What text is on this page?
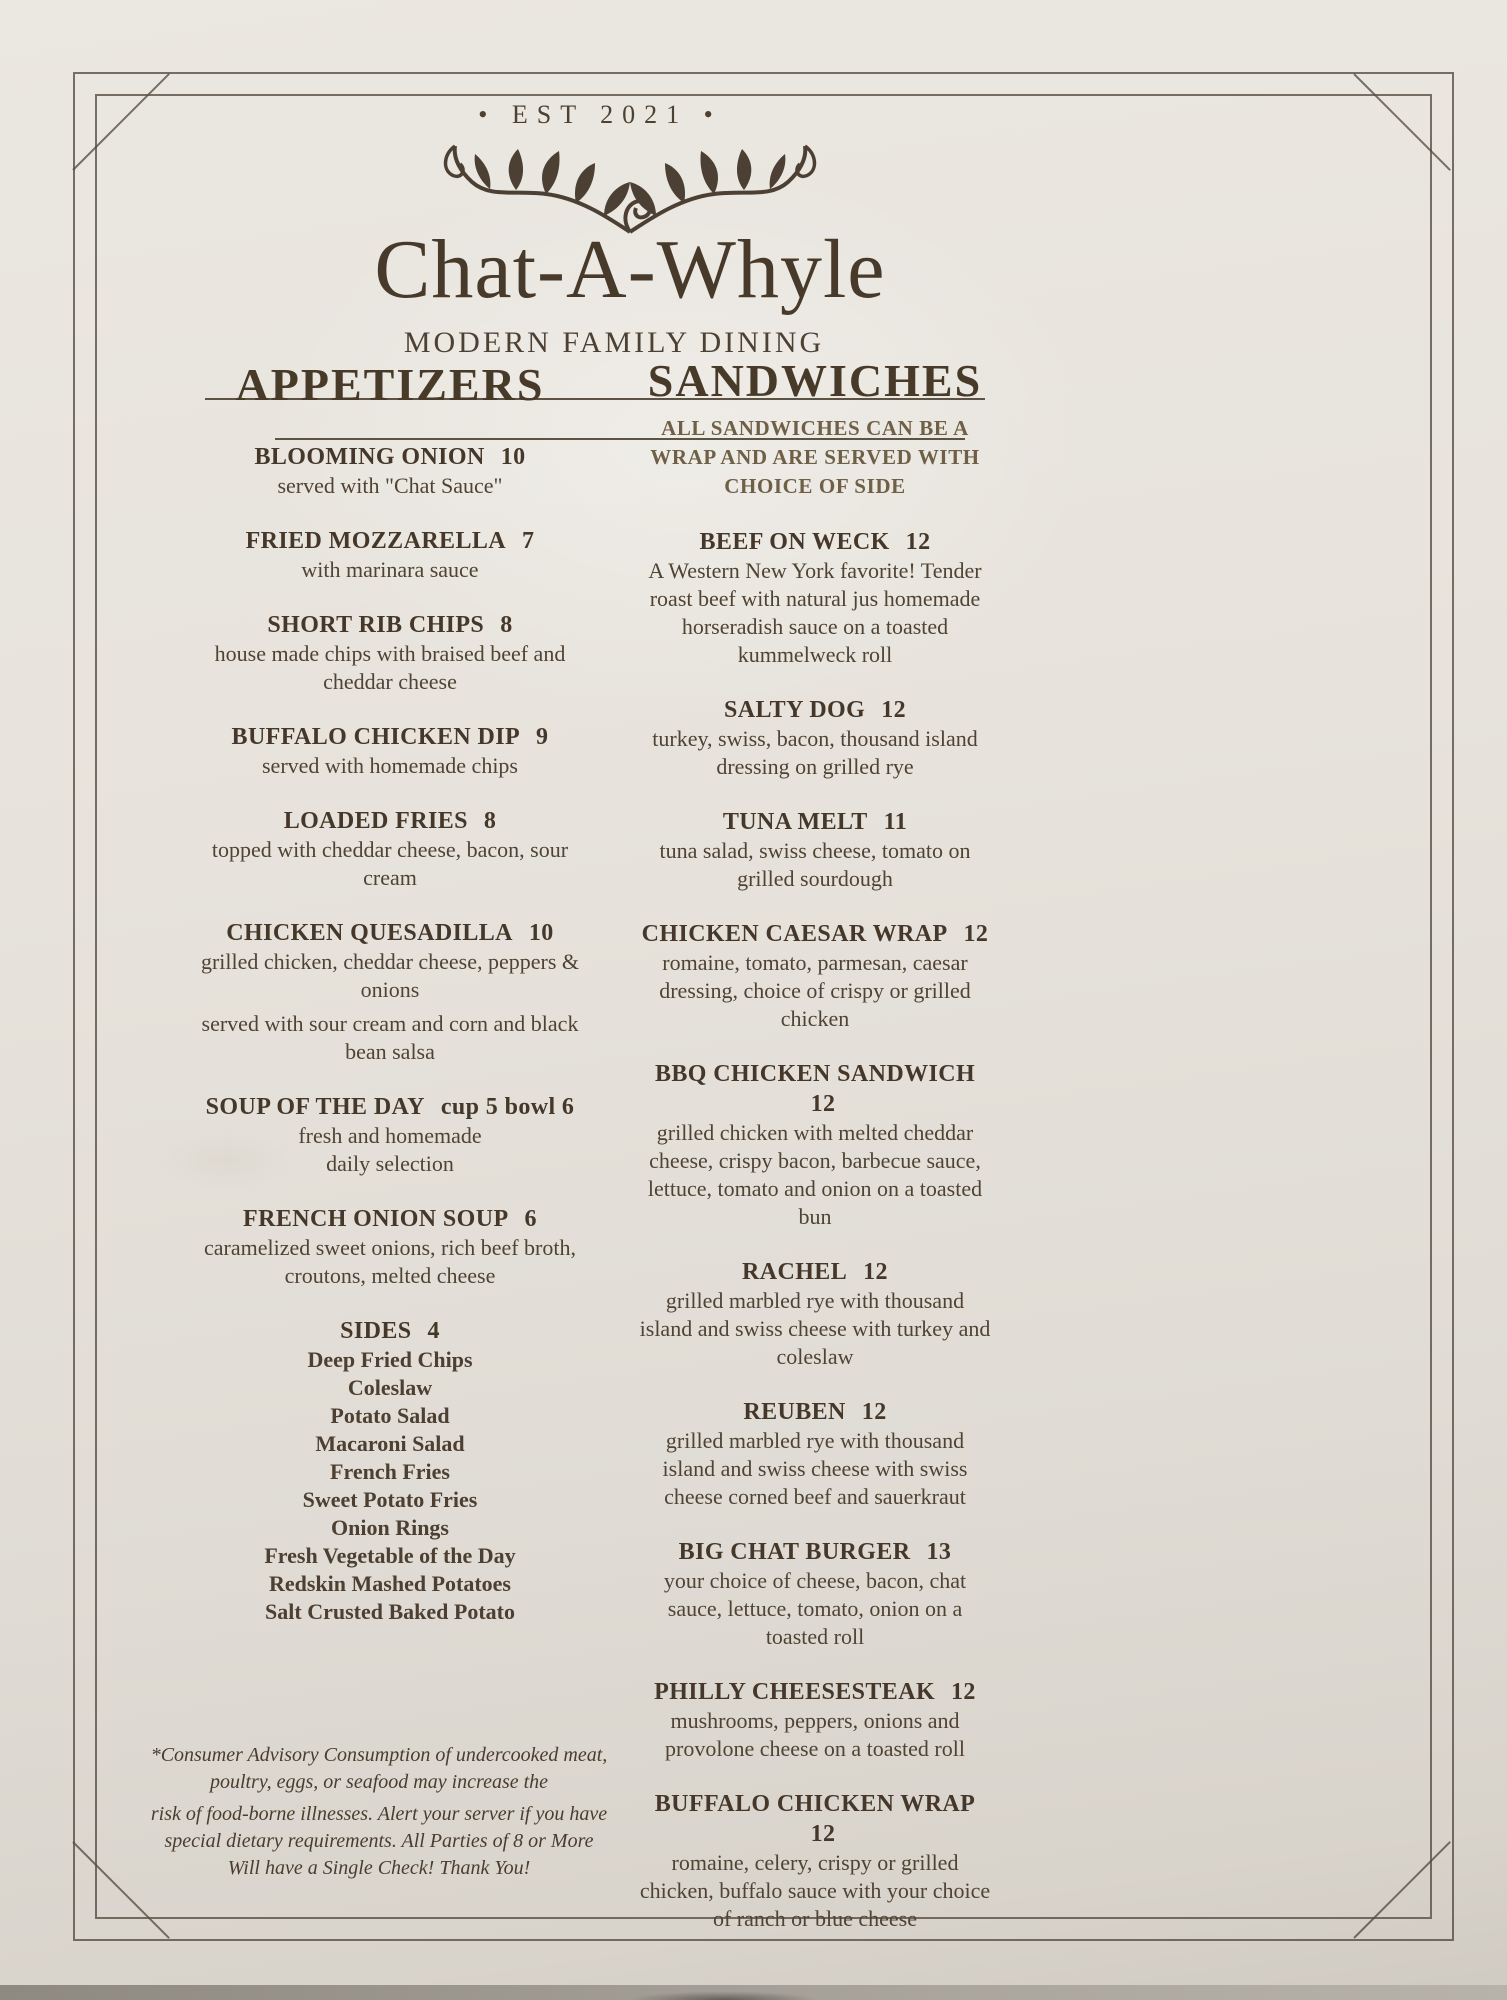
• EST 2021 •
Chat-A-Whyle
MODERN FAMILY DINING
APPETIZERS
BLOOMING ONION 10
served with "Chat Sauce"
FRIED MOZZARELLA 7
with marinara sauce
SHORT RIB CHIPS 8
house made chips with braised beef and cheddar cheese
BUFFALO CHICKEN DIP 9
served with homemade chips
LOADED FRIES 8
topped with cheddar cheese, bacon, sour cream
CHICKEN QUESADILLA 10
grilled chicken, cheddar cheese, peppers & onions
served with sour cream and corn and black bean salsa
SOUP OF THE DAY cup 5 bowl 6
fresh and homemade
daily selection
FRENCH ONION SOUP 6
caramelized sweet onions, rich beef broth, croutons, melted cheese
SIDES 4
Deep Fried Chips
Coleslaw
Potato Salad
Macaroni Salad
French Fries
Sweet Potato Fries
Onion Rings
Fresh Vegetable of the Day
Redskin Mashed Potatoes
Salt Crusted Baked Potato
SANDWICHES
ALL SANDWICHES CAN BE A WRAP AND ARE SERVED WITH CHOICE OF SIDE
BEEF ON WECK 12
A Western New York favorite! Tender roast beef with natural jus homemade horseradish sauce on a toasted kummelweck roll
SALTY DOG 12
turkey, swiss, bacon, thousand island dressing on grilled rye
TUNA MELT 11
tuna salad, swiss cheese, tomato on grilled sourdough
CHICKEN CAESAR WRAP 12
romaine, tomato, parmesan, caesar dressing, choice of crispy or grilled chicken
BBQ CHICKEN SANDWICH12
grilled chicken with melted cheddar cheese, crispy bacon, barbecue sauce, lettuce, tomato and onion on a toasted bun
RACHEL 12
grilled marbled rye with thousand island and swiss cheese with turkey and coleslaw
REUBEN 12
grilled marbled rye with thousand island and swiss cheese with swiss cheese corned beef and sauerkraut
BIG CHAT BURGER 13
your choice of cheese, bacon, chat sauce, lettuce, tomato, onion on a toasted roll
PHILLY CHEESESTEAK 12
mushrooms, peppers, onions and provolone cheese on a toasted roll
BUFFALO CHICKEN WRAP12
romaine, celery, crispy or grilled chicken, buffalo sauce with your choice of ranch or blue cheese

*Consumer Advisory Consumption of undercooked meat, poultry, eggs, or seafood may increase the

risk of food-borne illnesses. Alert your server if you have special dietary requirements. All Parties of 8 or More Will have a Single Check! Thank You!
